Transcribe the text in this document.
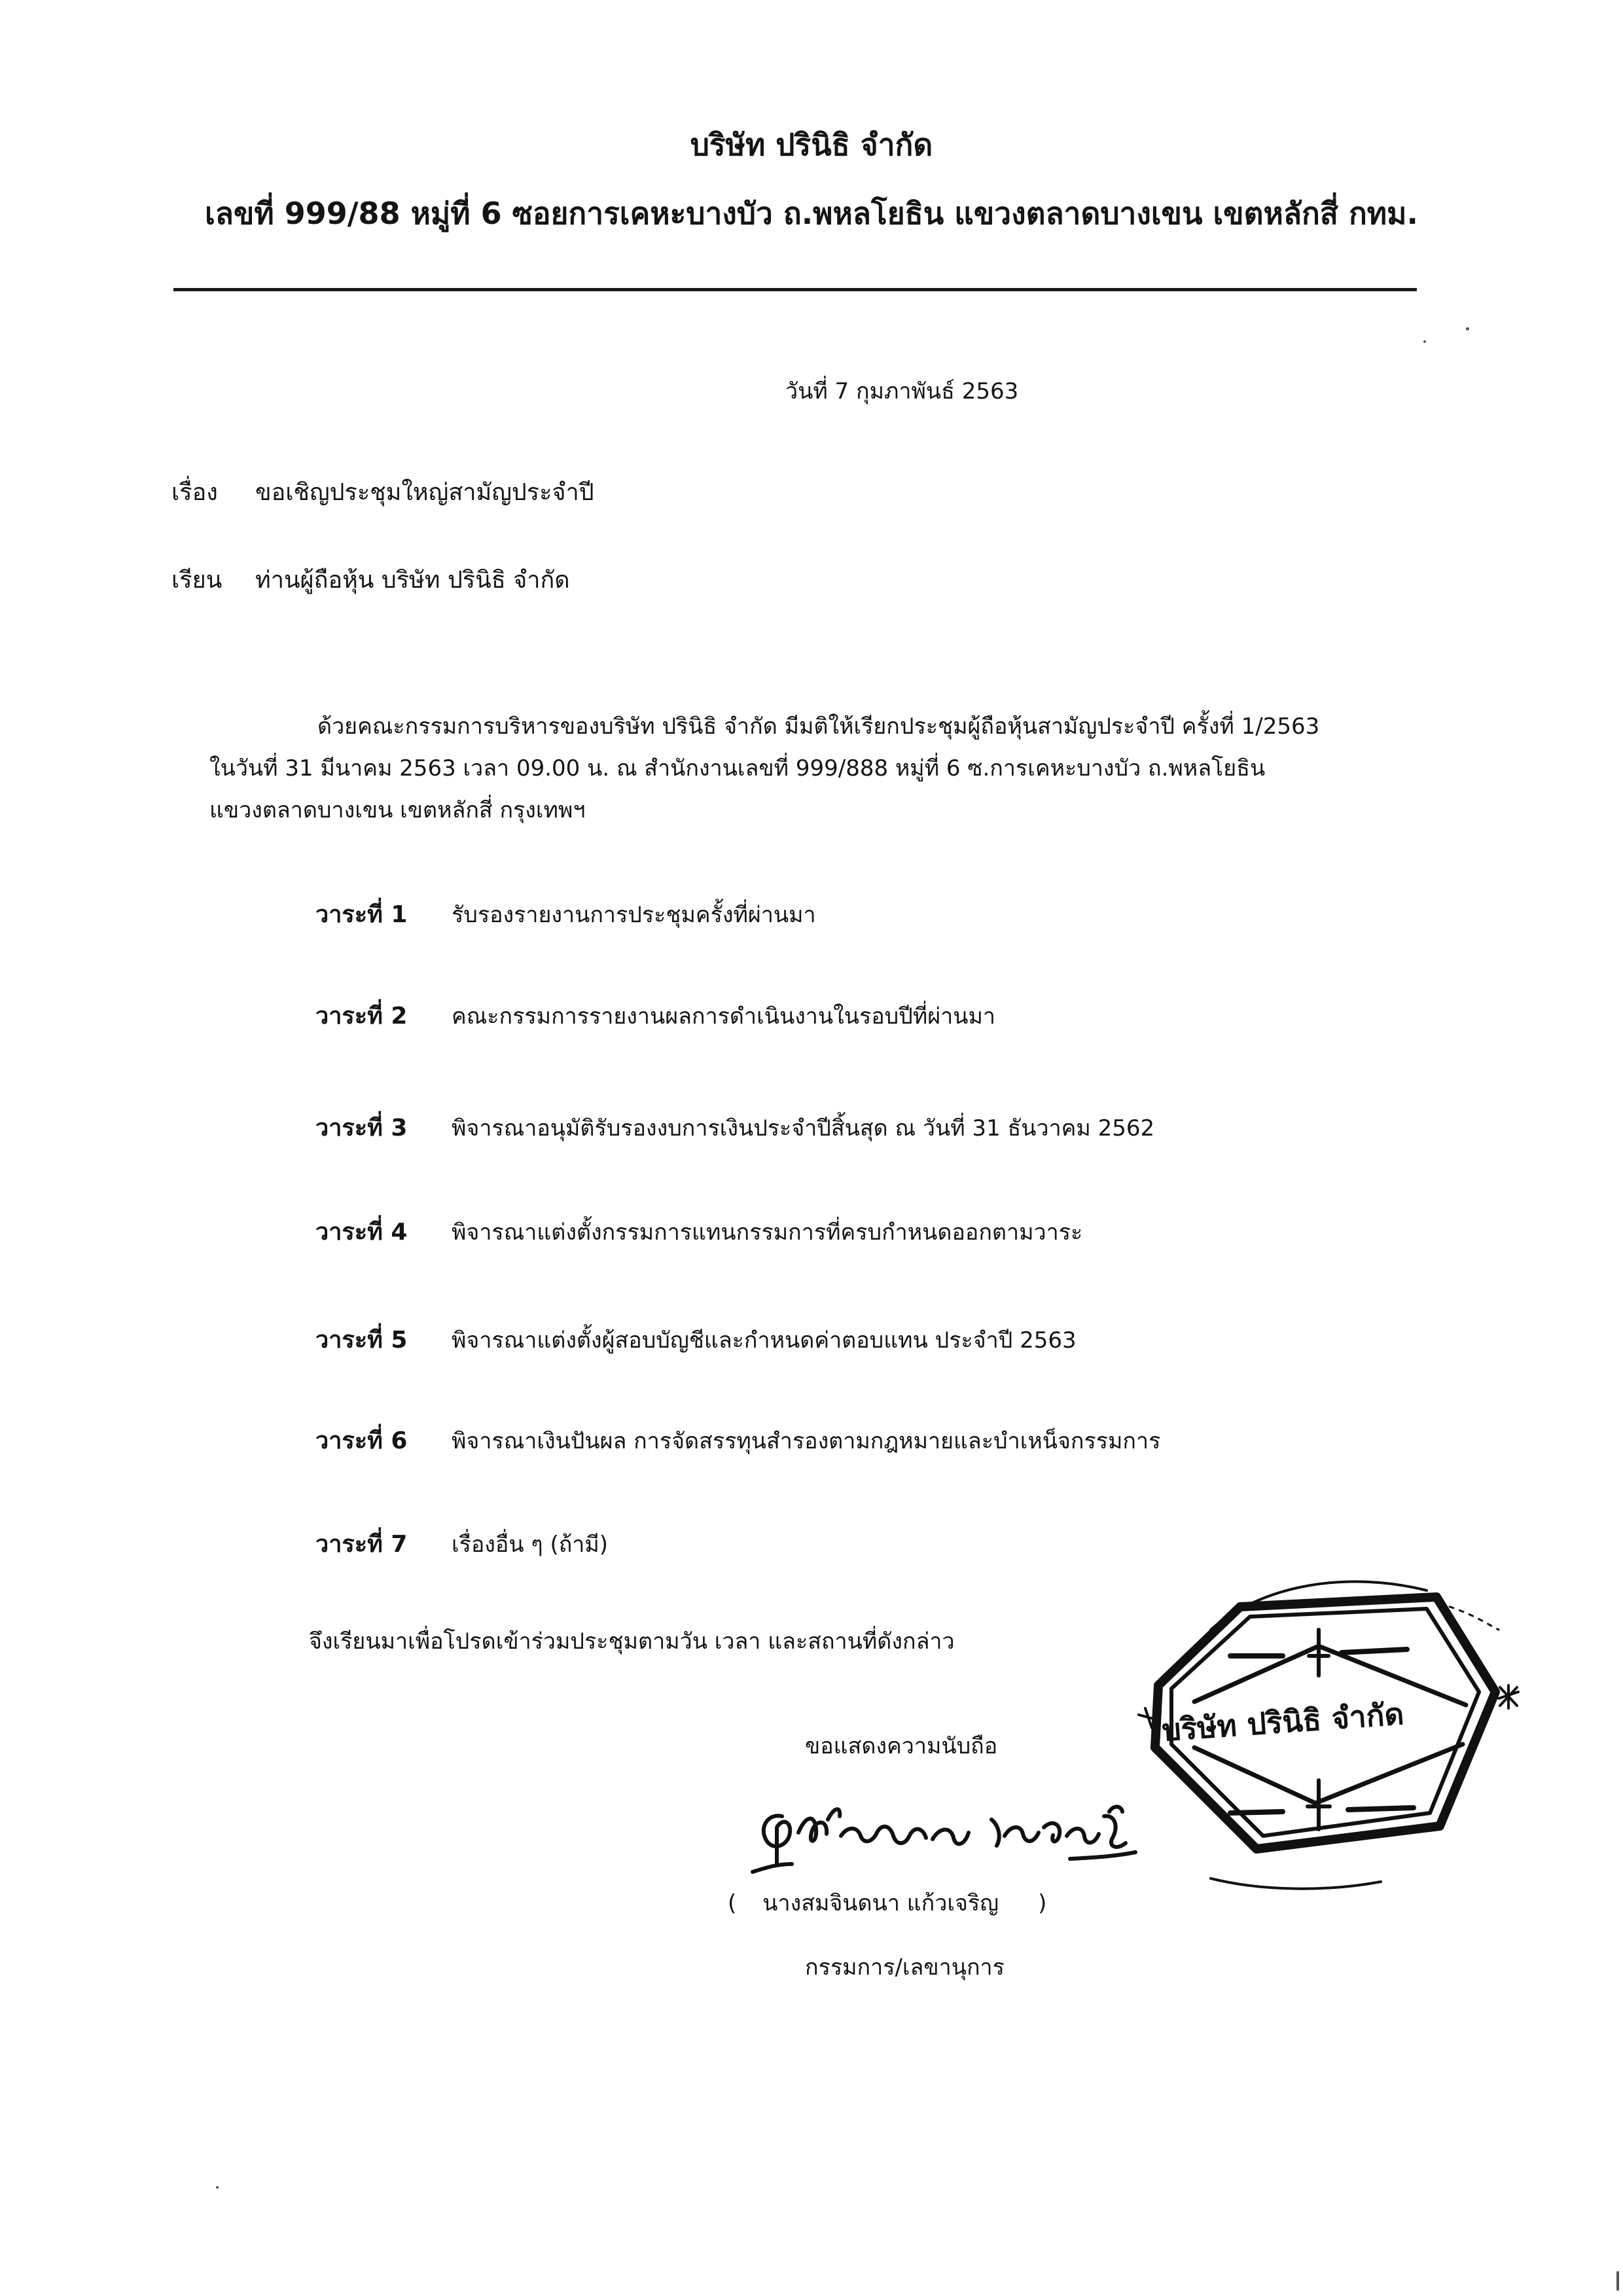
บริษัท ปรินิธิ จำกัด
เลขที่ 999/88 หมู่ที่ 6 ซอยการเคหะบางบัว ถ.พหลโยธิน แขวงตลาดบางเขน เขตหลักสี่ กทม.
วันที่ 7 กุมภาพันธ์ 2563
เรื่อง ขอเชิญประชุมใหญ่สามัญประจำปี
เรียน ท่านผู้ถือหุ้น บริษัท ปรินิธิ จำกัด
ด้วยคณะกรรมการบริหารของบริษัท ปรินิธิ จำกัด มีมติให้เรียกประชุมผู้ถือหุ้นสามัญประจำปี ครั้งที่ 1/2563
ในวันที่ 31 มีนาคม 2563 เวลา 09.00 น. ณ สำนักงานเลขที่ 999/888 หมู่ที่ 6 ซ.การเคหะบางบัว ถ.พหลโยธิน
แขวงตลาดบางเขน เขตหลักสี่ กรุงเทพฯ
วาระที่ 1 รับรองรายงานการประชุมครั้งที่ผ่านมา
วาระที่ 2 คณะกรรมการรายงานผลการดำเนินงานในรอบปีที่ผ่านมา
วาระที่ 3 พิจารณาอนุมัติรับรองงบการเงินประจำปีสิ้นสุด ณ วันที่ 31 ธันวาคม 2562
วาระที่ 4 พิจารณาแต่งตั้งกรรมการแทนกรรมการที่ครบกำหนดออกตามวาระ
วาระที่ 5 พิจารณาแต่งตั้งผู้สอบบัญชีและกำหนดค่าตอบแทน ประจำปี 2563
วาระที่ 6 พิจารณาเงินปันผล การจัดสรรทุนสำรองตามกฎหมายและบำเหน็จกรรมการ
วาระที่ 7 เรื่องอื่น ๆ (ถ้ามี)
จึงเรียนมาเพื่อโปรดเข้าร่วมประชุมตามวัน เวลา และสถานที่ดังกล่าว
ขอแสดงความนับถือ
( นางสมจินดนา แก้วเจริญ )
กรรมการ/เลขานุการ
บริษัท ปรินิธิ จำกัด
